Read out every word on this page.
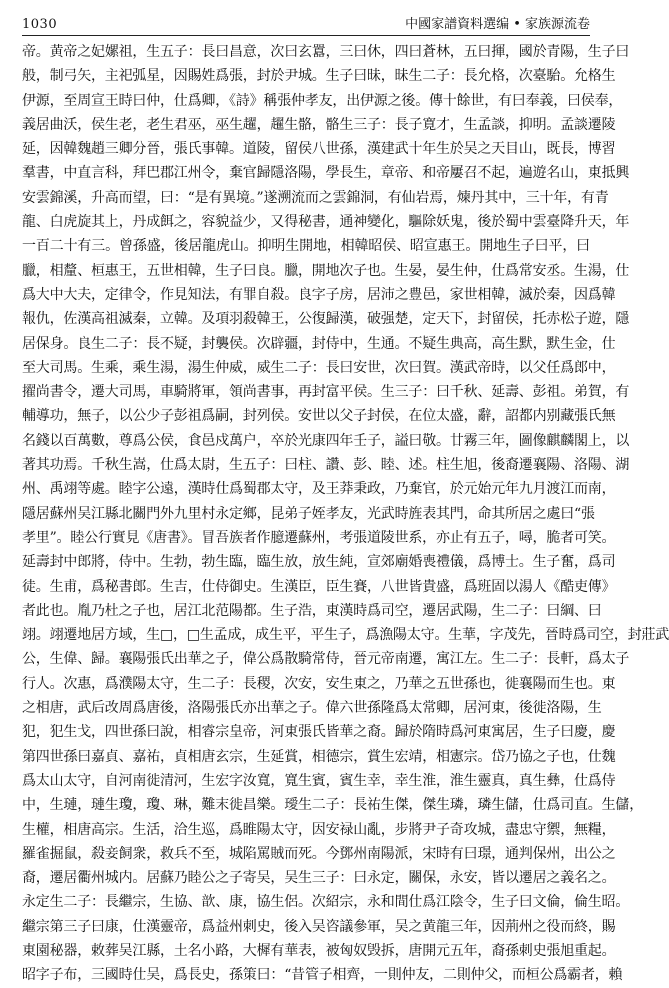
1030	中國家譜資料選编 • 家族源流卷
帝。黄帝之妃嫘祖，生五子：長曰昌意，次曰玄囂，三曰休，四曰蒼林，五曰揮，國於青陽，生子曰
般，制弓矢，主祀弧星，因賜姓爲張，封於尹城。生子曰昧，昧生二子：長允格，次臺駘。允格生
伊源，至周宣王時曰仲，仕爲卿，《詩》稱張仲孝友，出伊源之後。傳十餘世，有曰奉義，曰侯奉，
義居曲沃，侯生老，老生君巫，巫生趯，趯生骼，骼生三子：長子寛才，生孟談，抑明。孟談遷陵
延，因韓魏趙三卿分晉，張氏事韓。道陵，留侯八世孫，漢建武十年生於吴之天目山，既長，博習
羣書，中直言科，拜巴郡江州令，棄官歸隱洛陽，學長生，章帝、和帝屢召不起，遍遊名山，東抵興
安雲錦溪，升高而望，曰：“是有異境。”遂溯流而之雲錦洞，有仙岩焉，煉丹其中，三十年，有青
龍、白虎旋其上，丹成餌之，容貌益少，又得秘書，通神變化，驅除妖鬼，後於蜀中雲臺降升天，年
一百二十有三。曾孫盛，後居龍虎山。抑明生開地，相韓昭侯、昭宣惠王。開地生子曰平，曰
臘，相釐、桓惠王，五世相韓，生子曰良。臘，開地次子也。生晏，晏生仲，仕爲常安丞。生湯，仕
爲大中大夫，定律令，作見知法，有罪自殺。良字子房，居沛之豊邑，家世相韓，滅於秦，因爲韓
報仇，佐漢高祖滅秦，立韓。及項羽殺韓王，公復歸漢，破强楚，定天下，封留侯，托赤松子遊，隱
居保身。良生二子：長不疑，封襲侯。次辟疆，封侍中，生通。不疑生典高，高生默，默生金，仕
至大司馬。生乘，乘生湯，湯生仲威，威生二子：長曰安世，次曰賀。漢武帝時，以父任爲郎中，
擢尚書令，遷大司馬，車騎將軍，領尚書事，再封富平侯。生三子：曰千秋、延壽、彭祖。弟賀，有
輔導功，無子，以公少子彭祖爲嗣，封列侯。安世以父子封侯，在位太盛，辭，詔都内别藏張氏無
名錢以百萬數，尊爲公侯，食邑戍萬户，卒於光康四年壬子，謚曰敬。廿霧三年，圖像麒麟閣上，以
著其功焉。千秋生嵩，仕爲太尉，生五子：曰柱、讚、彭、睦、述。柱生旭，後裔遷襄陽、洛陽、湖
州、禹翊等處。睦字公遠，漢時仕爲蜀郡太守，及王莽秉政，乃棄官，於元始元年九月渡江而南，
隱居蘇州吴江縣北關門外九里村永定鄉，昆弟子姪孝友，光武時旌表其門，命其所居之處曰“張
孝里”。睦公行實見《唐書》。冒吾族者作臆遷蘇州，考張道陵世系，亦止有五子，噚，脆者可笑。
延壽封中郎將，侍中。生勃，勃生臨，臨生放，放生純，宣郊廟婚喪禮儀，爲博士。生子奮，爲司
徒。生甫，爲秘書郎。生吉，仕侍御史。生漢臣，臣生賽，八世皆貴盛，爲班固以湯人《酷吏傳》
者此也。胤乃杜之子也，居江北范陽都。生子浩，東漢時爲司空，遷居武陽，生二子：曰綱、曰
翊。翊遷地居方域，生□，□生孟成，成生平，平生子，爲漁陽太守。生華，字茂先，晉時爲司空，封莊武
公，生偉、歸。襄陽張氏出華之子，偉公爲散騎常侍，晉元帝南遷，寓江左。生二子：長軒，爲太子
行人。次惠，爲濮陽太守，生二子：長稷，次安，安生東之，乃華之五世孫也，徙襄陽而生也。東
之相唐，武后改周爲唐後，洛陽張氏亦出華之子。偉六世孫隆爲太常卿，居河東，後徙洛陽，生
犯，犯生戈，四世孫曰說，相睿宗皇帝，河東張氏皆華之裔。歸於隋時爲河東寓居，生子曰慶，慶
第四世孫曰嘉貞、嘉祐，貞相唐玄宗，生延賞，相德宗，賞生宏靖，相憲宗。岱乃協之子也，仕魏
爲太山太守，自河南徙清河，生宏字汝寬，寬生賓，賓生幸，幸生淮，淮生靈真，真生彝，仕爲侍
中，生璉，璉生瓊，瓊、琳，難末徙昌樂。璦生二子：長祐生傑，傑生璘，璘生儲，仕爲司直。生儲，
生權，相唐高宗。生活，洽生巡，爲睢陽太守，因安禄山亂，步將尹子奇攻城，盡忠守禦，無糧，
羅雀掘鼠，殺妾飼衆，救兵不至，城陷罵賊而死。今鄧州南陽派，宋時有曰璟，通判保州，出公之
裔，遷居衢州城内。居蘇乃睦公之子寄吴，吴生三子：曰永定，關保，永安，皆以遷居之義名之。
永定生二子：長繼宗，生協、歆、康，協生侶。次紹宗，永和間仕爲江陰令，生子曰文倫，倫生昭。
繼宗第三子曰康，仕漢靈帝，爲益州刺史，後入吴咨議參軍，吴之黄龍三年，因荊州之役而終，賜
東園秘器，敕葬吴江縣，土名小路，大樨有華表，被匈奴毁拆，唐開元五年，裔孫刺史張旭重起。
昭字子布，三國時仕吴，爲長史，孫策曰：“昔管子相齊，一則仲友，二則仲父，而桓公爲霸者，賴
